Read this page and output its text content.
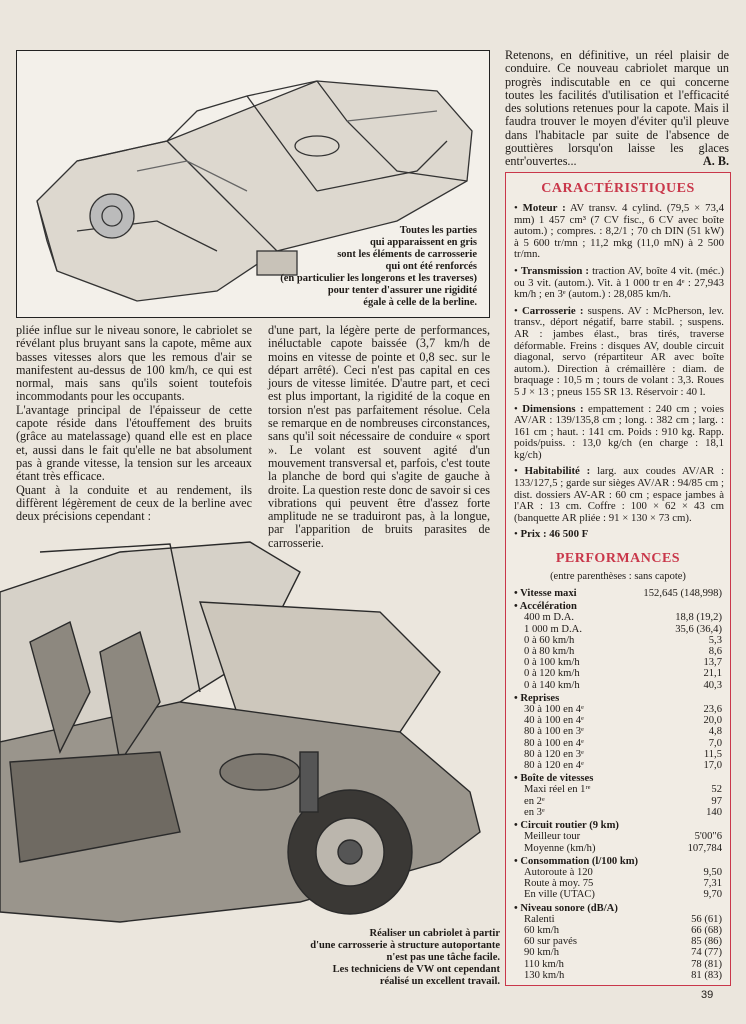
Toutes les parties
qui apparaissent en gris
sont les éléments de carrosserie
qui ont été renforcés
(en particulier les longerons et les traverses)
pour tenter d'assurer une rigidité
égale à celle de la berline.

Retenons, en définitive, un réel plaisir de conduire. Ce nouveau cabriolet marque un progrès indiscutable en ce qui concerne toutes les facilités d'utilisation et l'efficacité des solutions retenues pour la capote. Mais il faudra trouver le moyen d'éviter qu'il pleuve dans l'habitacle par suite de l'absence de gouttières lorsqu'on laisse les glaces entr'ouvertes...	A. B.

pliée influe sur le niveau sonore, le cabriolet se révélant plus bruyant sans la capote, même aux basses vitesses alors que les remous d'air se manifestent au-dessus de 100 km/h, ce qui est normal, mais sans qu'ils soient toutefois incommodants pour les occupants.

L'avantage principal de l'épaisseur de cette capote réside dans l'étouffement des bruits (grâce au matelassage) quand elle est en place et, aussi dans le fait qu'elle ne bat absolument pas à grande vitesse, la tension sur les arceaux étant très efficace.

Quant à la conduite et au rendement, ils diffèrent légèrement de ceux de la berline avec deux précisions cependant :

d'une part, la légère perte de performances, inéluctable capote baissée (3,7 km/h de moins en vitesse de pointe et 0,8 sec. sur le départ arrêté). Ceci n'est pas capital en ces jours de vitesse limitée. D'autre part, et ceci est plus important, la rigidité de la coque en torsion n'est pas parfaitement résolue. Cela se remarque en de nombreuses circonstances, sans qu'il soit nécessaire de conduire « sport ». Le volant est souvent agité d'un mouvement transversal et, parfois, c'est toute la planche de bord qui s'agite de gauche à droite. La question reste donc de savoir si ces vibrations qui peuvent être d'assez forte amplitude ne se traduiront pas, à la longue, par l'apparition de bruits parasites de carrosserie.

CARACTÉRISTIQUES
• Moteur : AV transv. 4 cylind. (79,5 × 73,4 mm) 1 457 cm³ (7 CV fisc., 6 CV avec boîte autom.) ; compres. : 8,2/1 ; 70 ch DIN (51 kW) à 5 600 tr/mn ; 11,2 mkg (11,0 mN) à 2 500 tr/mn.
• Transmission : traction AV, boîte 4 vit. (méc.) ou 3 vit. (autom.). Vit. à 1 000 tr en 4ᵉ : 27,943 km/h ; en 3ᵉ (autom.) : 28,085 km/h.
• Carrosserie : suspens. AV : McPherson, lev. transv., déport négatif, barre stabil. ; suspens. AR : jambes élast., bras tirés, traverse déformable. Freins : disques AV, double circuit diagonal, servo (répartiteur AR avec boîte autom.). Direction à crémaillère : diam. de braquage : 10,5 m ; tours de volant : 3,3. Roues 5 J × 13 ; pneus 155 SR 13. Réservoir : 40 l.
• Dimensions : empattement : 240 cm ; voies AV/AR : 139/135,8 cm ; long. : 382 cm ; larg. : 161 cm ; haut. : 141 cm. Poids : 910 kg. Rapp. poids/puiss. : 13,0 kg/ch (en charge : 18,1 kg/ch)
• Habitabilité : larg. aux coudes AV/AR : 133/127,5 ; garde sur sièges AV/AR : 94/85 cm ; dist. dossiers AV-AR : 60 cm ; espace jambes à l'AR : 13 cm. Coffre : 100 × 62 × 43 cm (banquette AR pliée : 91 × 130 × 73 cm).
• Prix : 46 500 F
PERFORMANCES
(entre parenthèses : sans capote)
• Vitesse maxi	152,645 (148,998)
• Accélération
400 m D.A.	18,8 (19,2)
1 000 m D.A.	35,6 (36,4)
0 à 60 km/h	5,3
0 à 80 km/h	8,6
0 à 100 km/h	13,7
0 à 120 km/h	21,1
0 à 140 km/h	40,3
• Reprises
30 à 100 en 4ᵉ	23,6
40 à 100 en 4ᵉ	20,0
80 à 100 en 3ᵉ	4,8
80 à 100 en 4ᵉ	7,0
80 à 120 en 3ᵉ	11,5
80 à 120 en 4ᵉ	17,0
• Boîte de vitesses
Maxi réel en 1ʳᵉ	52
en 2ᵉ	97
en 3ᵉ	140
• Circuit routier (9 km)
Meilleur tour	5'00"6
Moyenne (km/h)	107,784
• Consommation (l/100 km)
Autoroute à 120	9,50
Route à moy. 75	7,31
En ville (UTAC)	9,70
• Niveau sonore (dB/A)
Ralenti	56 (61)
60 km/h	66 (68)
60 sur pavés	85 (86)
90 km/h	74 (77)
110 km/h	78 (81)
130 km/h	81 (83)
Réaliser un cabriolet à partir
d'une carrosserie à structure autoportante
n'est pas une tâche facile.
Les techniciens de VW ont cependant
réalisé un excellent travail.
39
